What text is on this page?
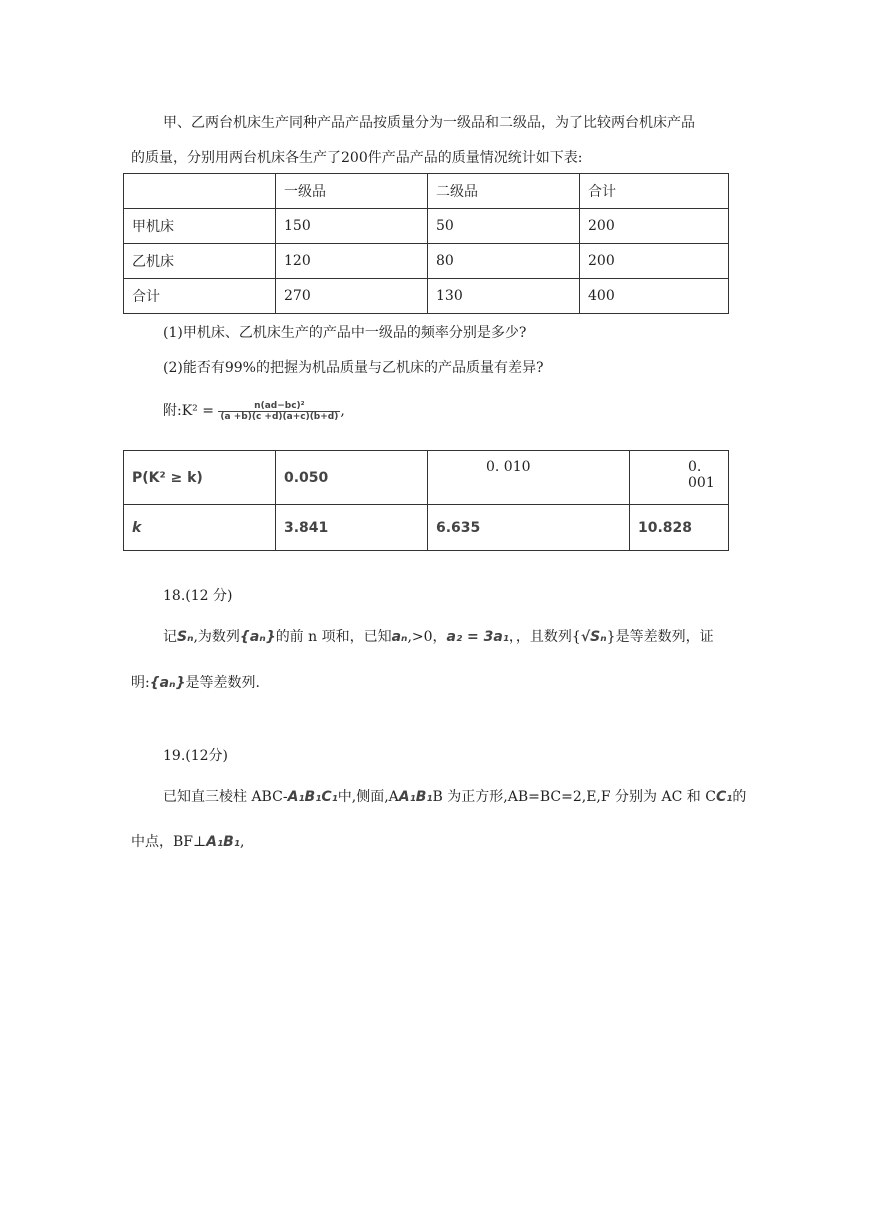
甲、乙两台机床生产同种产品产品按质量分为一级品和二级品，为了比较两台机床产品
的质量，分别用两台机床各生产了200件产品产品的质量情况统计如下表:
	一级品	二级品	合计
甲机床	150	50	200
乙机床	120	80	200
合计	270	130	400
(1)甲机床、乙机床生产的产品中一级品的频率分别是多少?
(2)能否有99%的把握为机品质量与乙机床的产品质量有差异?
附:K² = $\frac{\text{n(ad−bc)²}}{(a +b)(c +d)(a+c)(b+d)}$ ,
P(K² ≥ k)	0.050	0. 010	0. 001
k	3.841	6.635	10.828
18.(12 分)
记Sₙ,为数列{aₙ}的前 n 项和，已知aₙ,>0，a₂ = 3a₁，，且数列{√Sₙ}是等差数列，证
明:{aₙ}是等差数列.
19.(12分)
已知直三棱柱 ABC-A₁B₁C₁中,侧面,AA₁B₁B 为正方形,AB=BC=2,E,F 分别为 AC 和 CC₁的
中点，BF⊥A₁B₁,
